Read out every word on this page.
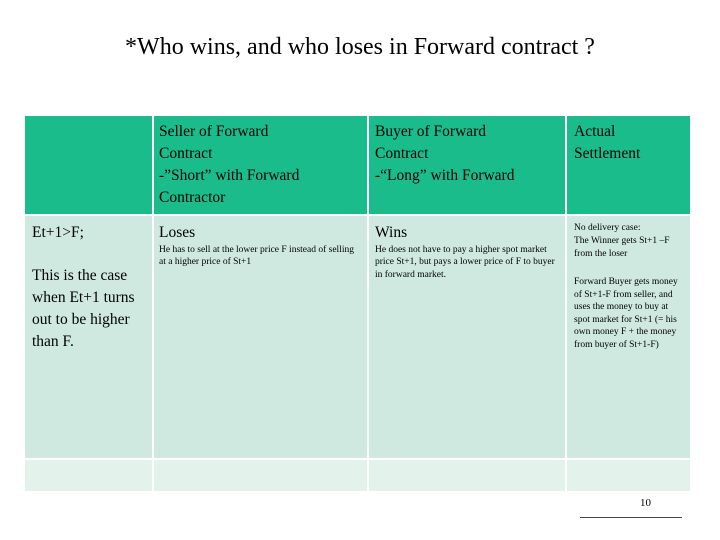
*Who wins, and who loses in Forward contract ?
Seller of Forward
Contract
-”Short” with Forward
Contractor
Buyer of Forward
Contract
-“Long” with Forward
Actual
Settlement
Et+1>F;
This is the case when Et+1 turns out to be higher than F.
Loses
He has to sell at the lower price F instead of selling at a higher price of St+1
Wins
He does not have to pay a higher spot market price St+1, but pays a lower price of F to buyer in forward market.
No delivery case:
The Winner gets St+1 –F from the loser
Forward Buyer gets money of St+1-F from seller, and uses the money to buy at spot market for St+1 (= his own money F + the money from buyer of St+1-F)
10
